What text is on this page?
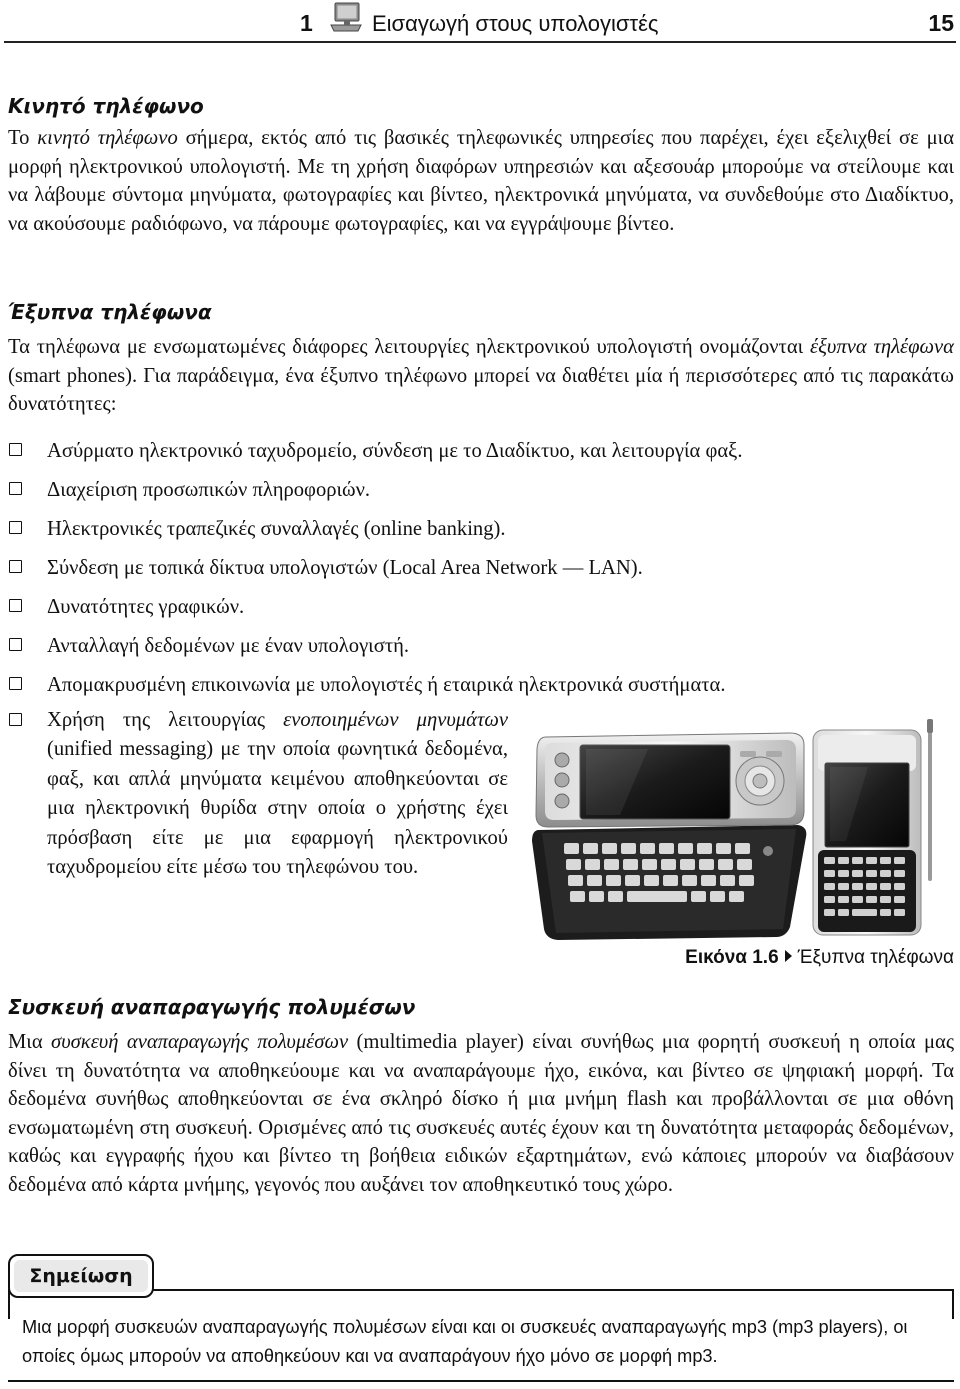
1	Εισαγωγή στους υπολογιστές	15
Κινητό τηλέφωνο

Το κινητό τηλέφωνο σήμερα, εκτός από τις βασικές τηλεφωνικές υπηρεσίες που παρέχει, έχει εξελιχθεί σε μια μορφή ηλεκτρονικού υπολογιστή. Με τη χρήση διαφόρων υπηρεσιών και αξεσουάρ μπορούμε να στείλουμε και να λάβουμε σύντομα μηνύματα, φωτογραφίες και βίντεο, ηλεκτρονικά μηνύματα, να συνδεθούμε στο Διαδίκτυο, να ακούσουμε ραδιόφωνο, να πάρουμε φωτογραφίες, και να εγγράψουμε βίντεο.

Έξυπνα τηλέφωνα

Τα τηλέφωνα με ενσωματωμένες διάφορες λειτουργίες ηλεκτρονικού υπολογιστή ονομάζονται έξυπνα τηλέφωνα (smart phones). Για παράδειγμα, ένα έξυπνο τηλέφωνο μπορεί να διαθέτει μία ή περισσότερες από τις παρακάτω δυνατότητες:

Ασύρματο ηλεκτρονικό ταχυδρομείο, σύνδεση με το Διαδίκτυο, και λειτουργία φαξ.
Διαχείριση προσωπικών πληροφοριών.
Ηλεκτρονικές τραπεζικές συναλλαγές (online banking).
Σύνδεση με τοπικά δίκτυα υπολογιστών (Local Area Network — LAN).
Δυνατότητες γραφικών.
Ανταλλαγή δεδομένων με έναν υπολογιστή.
Απομακρυσμένη επικοινωνία με υπολογιστές ή εταιρικά ηλεκτρονικά συστήματα.

Χρήση της λειτουργίας ενοποιημένων μηνυμάτων (unified messaging) με την οποία φωνητικά δεδομένα, φαξ, και απλά μηνύματα κειμένου αποθηκεύονται σε μια ηλεκτρονική θυρίδα στην οποία ο χρήστης έχει πρόσβαση είτε με μια εφαρμογή ηλεκτρονικού ταχυδρομείου είτε μέσω του τηλεφώνου του.

Εικόνα 1.6 Έξυπνα τηλέφωνα
Συσκευή αναπαραγωγής πολυμέσων

Μια συσκευή αναπαραγωγής πολυμέσων (multimedia player) είναι συνήθως μια φορητή συσκευή η οποία μας δίνει τη δυνατότητα να αποθηκεύουμε και να αναπαράγουμε ήχο, εικόνα, και βίντεο σε ψηφιακή μορφή. Τα δεδομένα συνήθως αποθηκεύονται σε ένα σκληρό δίσκο ή μια μνήμη flash και προβάλλονται σε μια οθόνη ενσωματωμένη στη συσκευή. Ορισμένες από τις συσκευές αυτές έχουν και τη δυνατότητα μεταφοράς δεδομένων, καθώς και εγγραφής ήχου και βίντεο τη βοήθεια ειδικών εξαρτημάτων, ενώ κάποιες μπορούν να διαβάσουν δεδομένα από κάρτα μνήμης, γεγονός που αυξάνει τον αποθηκευτικό τους χώρο.

Σημείωση

Μια μορφή συσκευών αναπαραγωγής πολυμέσων είναι και οι συσκευές αναπαραγωγής mp3 (mp3 players), οι οποίες όμως μπορούν να αποθηκεύουν και να αναπαράγουν ήχο μόνο σε μορφή mp3.
